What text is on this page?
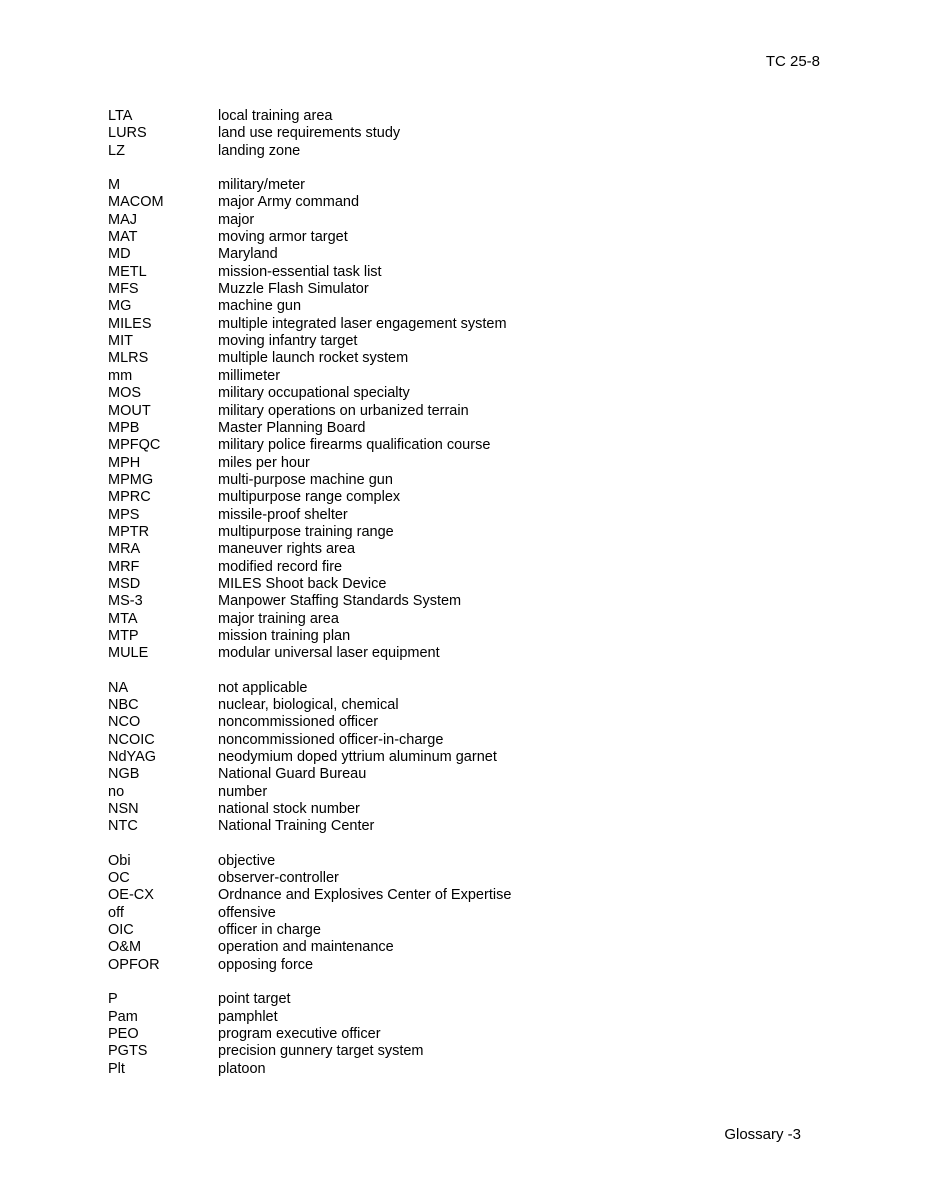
TC 25-8
LTA	local training area
LURS	land use requirements study
LZ	landing zone
M	military/meter
MACOM	major Army command
MAJ	major
MAT	moving armor target
MD	Maryland
METL	mission-essential task list
MFS	Muzzle Flash Simulator
MG	machine gun
MILES	multiple integrated laser engagement system
MIT	moving infantry target
MLRS	multiple launch rocket system
mm	millimeter
MOS	military occupational specialty
MOUT	military operations on urbanized terrain
MPB	Master Planning Board
MPFQC	military police firearms qualification course
MPH	miles per hour
MPMG	multi-purpose machine gun
MPRC	multipurpose range complex
MPS	missile-proof shelter
MPTR	multipurpose training range
MRA	maneuver rights area
MRF	modified record fire
MSD	MILES Shoot back Device
MS-3	Manpower Staffing Standards System
MTA	major training area
MTP	mission training plan
MULE	modular universal laser equipment
NA	not applicable
NBC	nuclear, biological, chemical
NCO	noncommissioned officer
NCOIC	noncommissioned officer-in-charge
NdYAG	neodymium doped yttrium aluminum garnet
NGB	National Guard Bureau
no	number
NSN	national stock number
NTC	National Training Center
Obi	objective
OC	observer-controller
OE-CX	Ordnance and Explosives Center of Expertise
off	offensive
OIC	officer in charge
O&M	operation and maintenance
OPFOR	opposing force
P	point target
Pam	pamphlet
PEO	program executive officer
PGTS	precision gunnery target system
Plt	platoon
Glossary -3
